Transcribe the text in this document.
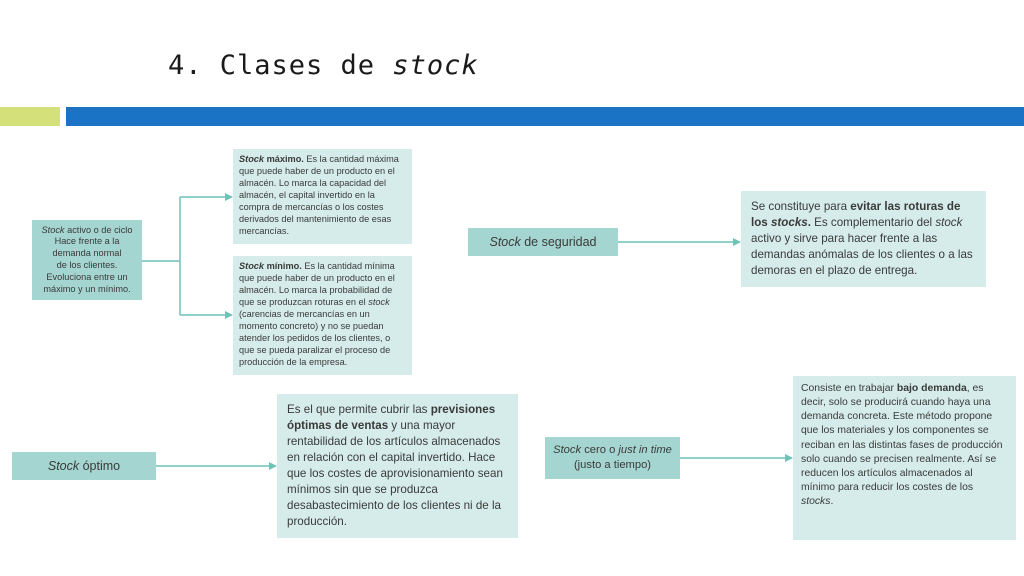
4. Clases de stock
Stock activo o de ciclo
Hace frente a la
demanda normal
de los clientes.
Evoluciona entre un
máximo y un mínimo.
Stock máximo. Es la cantidad máxima que puede haber de un producto en el almacén. Lo marca la capacidad del almacén, el capital invertido en la compra de mercancías o los costes derivados del mantenimiento de esas mercancías.
Stock mínimo. Es la cantidad mínima que puede haber de un producto en el almacén. Lo marca la probabilidad de que se produzcan roturas en el stock (carencias de mercancías en un momento concreto) y no se puedan atender los pedidos de los clientes, o que se pueda paralizar el proceso de producción de la empresa.
Stock de seguridad
Se constituye para evitar las roturas de los stocks. Es complementario del stock activo y sirve para hacer frente a las demandas anómalas de los clientes o a las demoras en el plazo de entrega.
Stock óptimo
Es el que permite cubrir las previsiones óptimas de ventas y una mayor rentabilidad de los artículos almacenados en relación con el capital invertido. Hace que los costes de aprovisionamiento sean mínimos sin que se produzca desabastecimiento de los clientes ni de la producción.
Stock cero o just in time (justo a tiempo)
Consiste en trabajar bajo demanda, es decir, solo se producirá cuando haya una demanda concreta. Este método propone que los materiales y los componentes se reciban en las distintas fases de producción solo cuando se precisen realmente. Así se reducen los artículos almacenados al mínimo para reducir los costes de los stocks.
